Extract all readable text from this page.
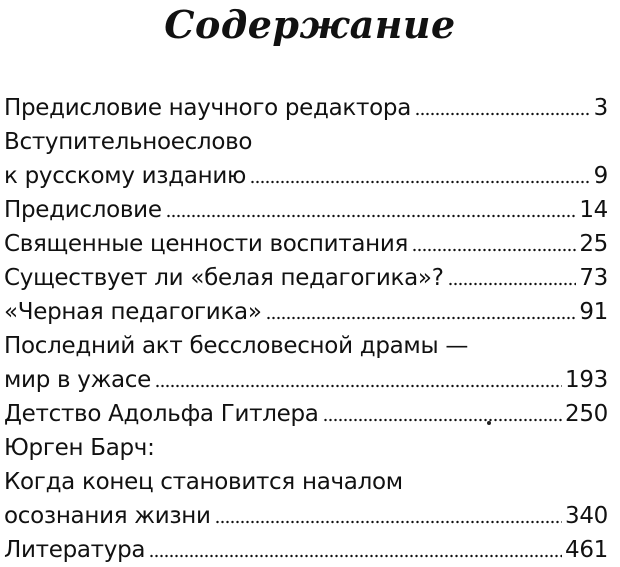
Содержание
Предисловие научного редактора	3
Вступительноеслово
к русскому изданию	9
Предисловие	14
Священные ценности воспитания	25
Существует ли «белая педагогика»?	73
«Черная педагогика»	91
Последний акт бессловесной драмы —
мир в ужасе	193
Детство Адольфа Гитлера	250
Юрген Барч:
Когда конец становится началом
осознания жизни	340
Литература	461
